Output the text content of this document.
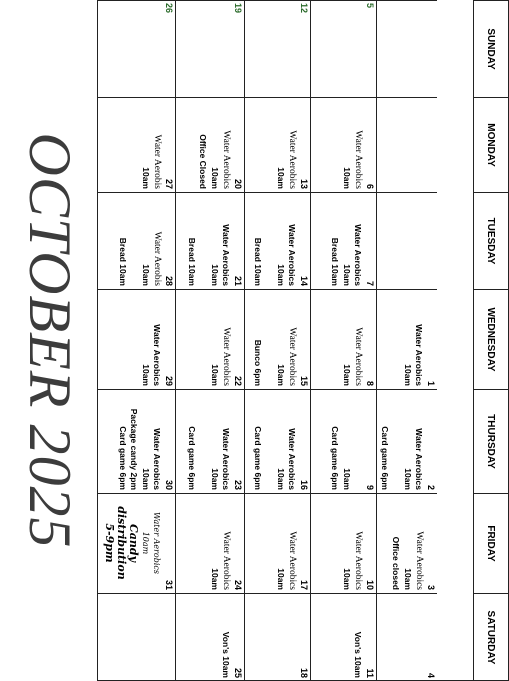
OCTOBER 2025
SUNDAY
MONDAY
TUESDAY
WEDNESDAY
THURSDAY
FRIDAY
SATURDAY
1
Water Aerobics
10am
2
Water Aerobics
10am

Card game 6pm
3
Water Aerobics
10am
Office closed
4
5
6
Water Aerobics
10am
7
Water Aerobics
10am
Bread 10am
8
Water Aerobics
10am
9

10am
Card game 6pm
10
Water Aerobics
10am
11
Von's 10am
12
13
Water Aerobics
10am
14
Water Aerobics
10am

Bread 10am
15
Water Aerobics
10am

Bunco 6pm
16
Water Aerobics
10am

Card game 6pm
17
Water Aerobics
10am
18
19
20
Water Aerobics
10am
Office Closed
21
Water Aerobics
10am

Bread 10am
22
Water Aerobics
10am
23
Water Aerobics
10am

Card game 6pm
24
Water Aerobics
10am
25
Von's 10am
26
27
Water Aerobis
10am
28
Water Aerobis
10am

Bread 10am
29
Water Aerobics
10am
30
Water Aerobics
10am
Package candy 2pm
Card game 6pm
31
Water Aerobics
10am
Candy distribution
5-9pm
